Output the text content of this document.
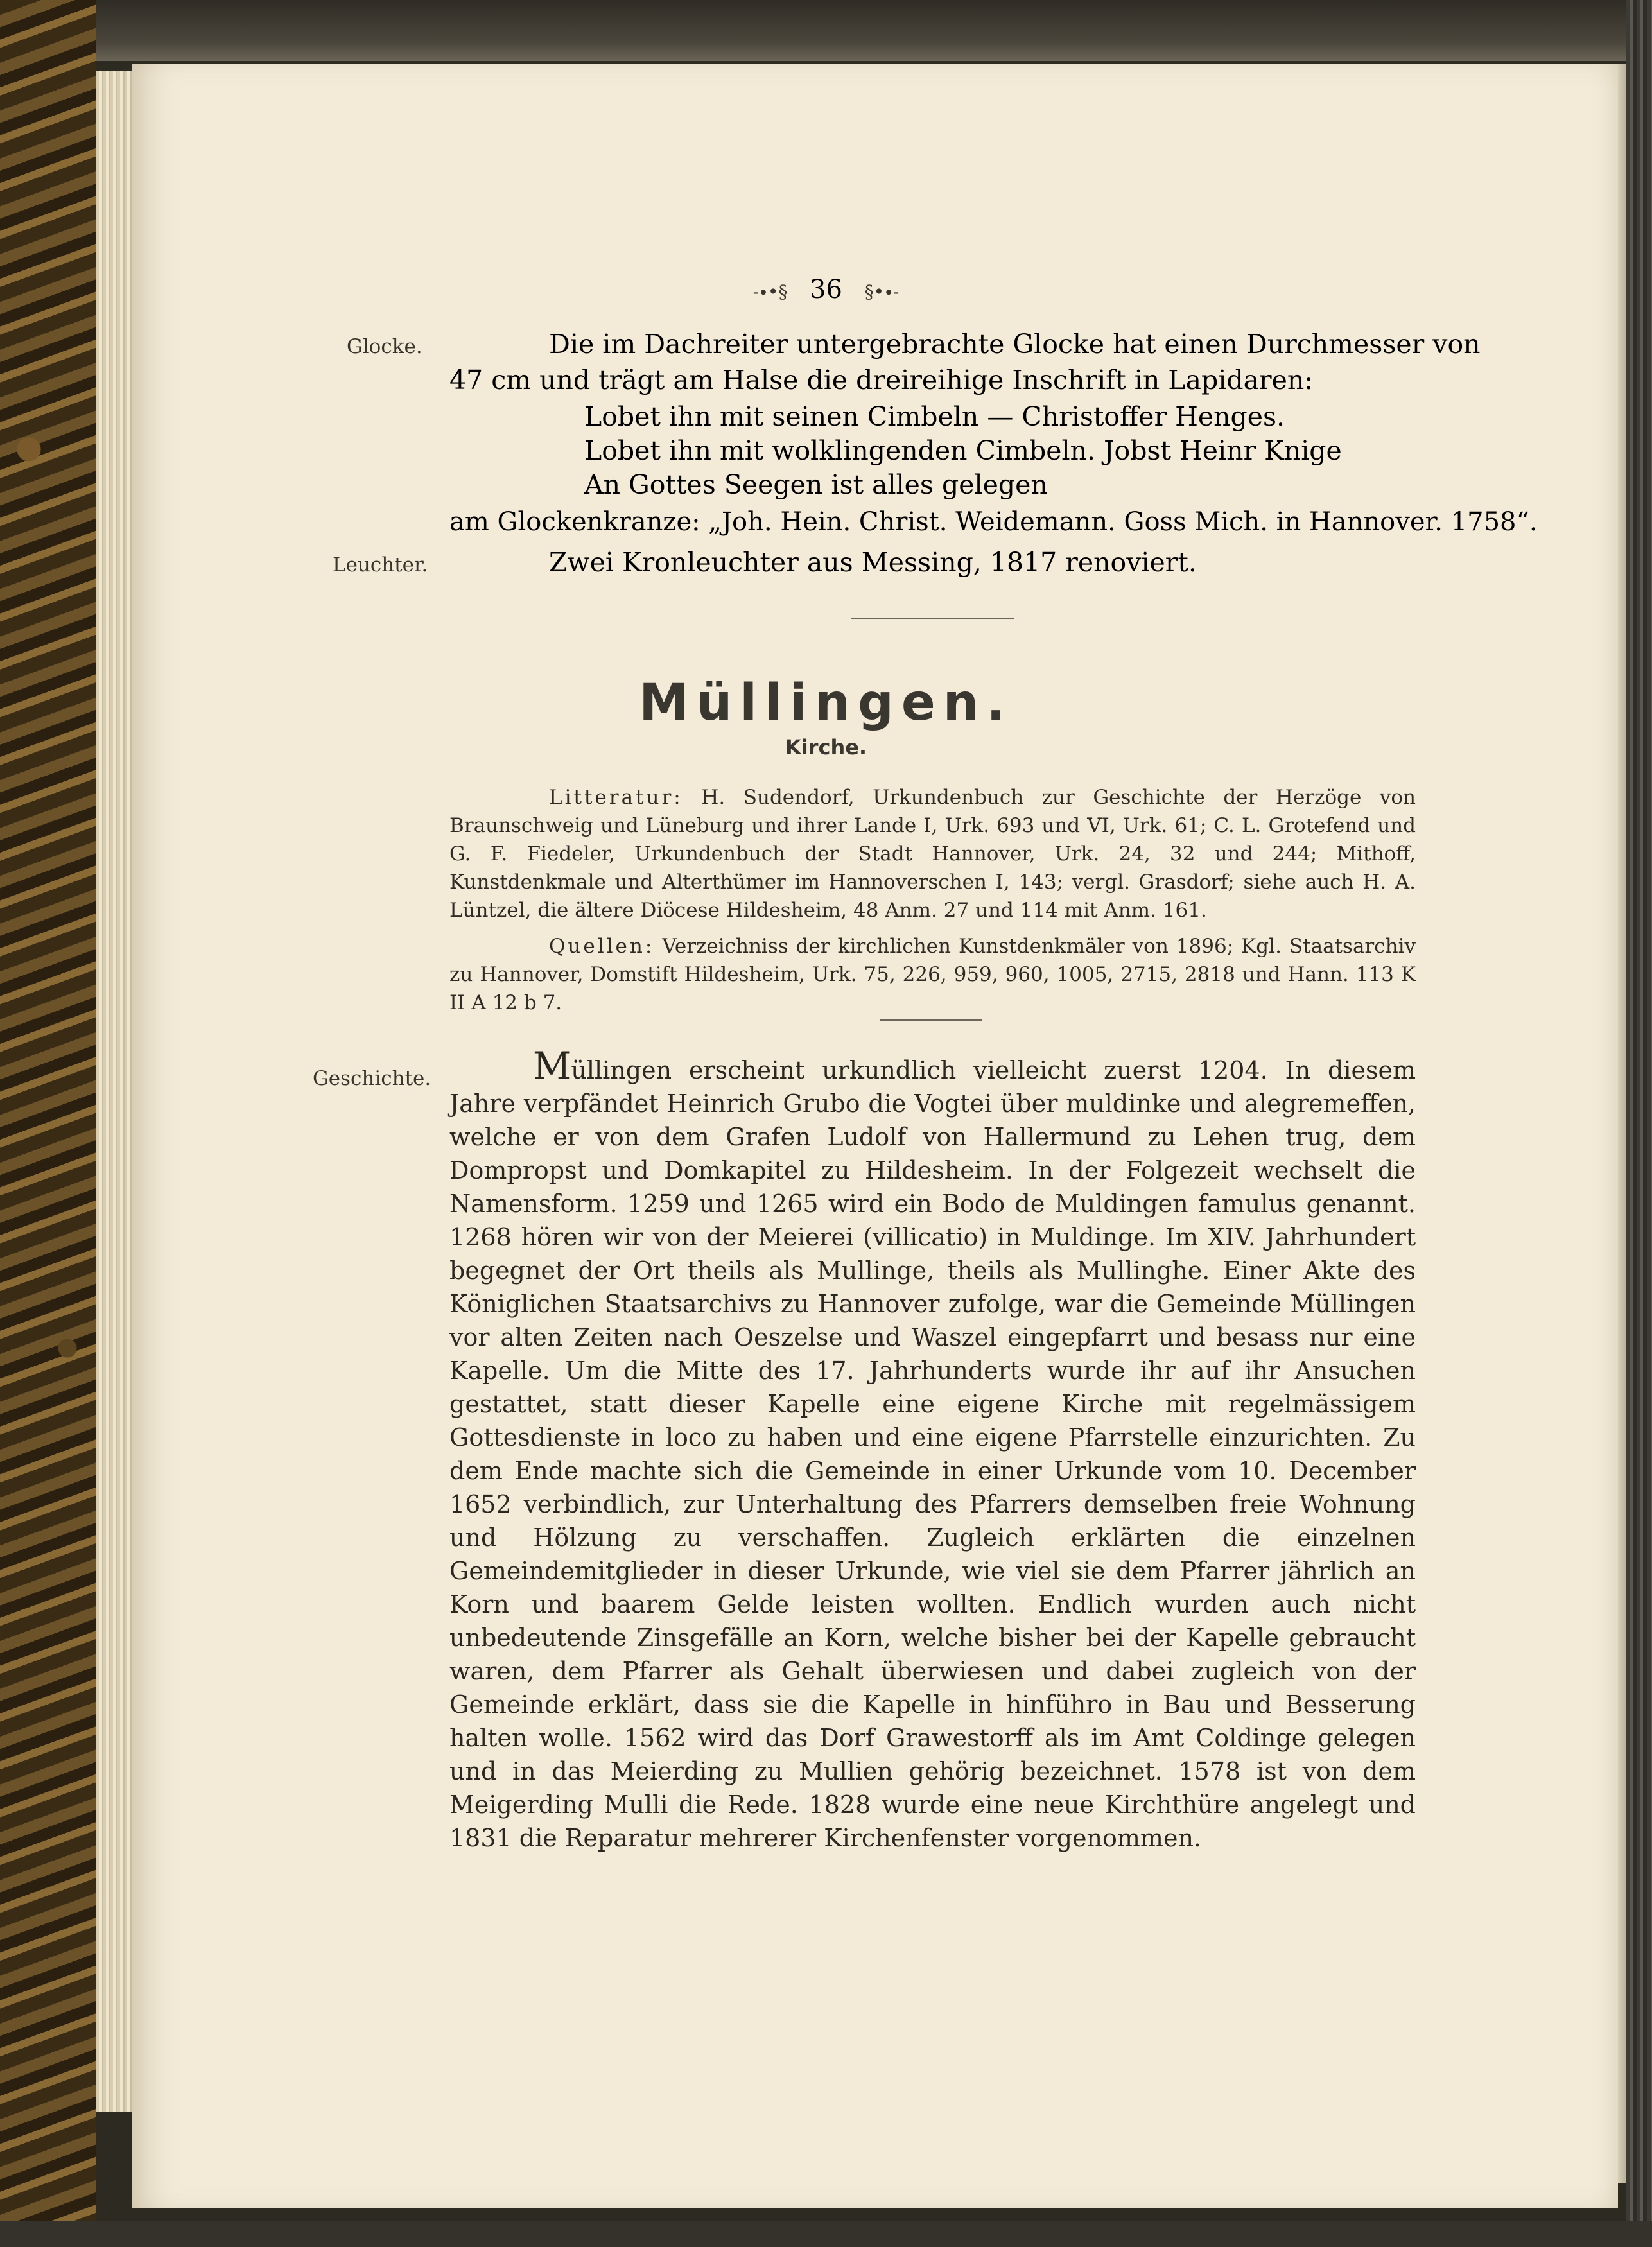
-∙•§ 36 §•∙-
Glocke.	Die im Dachreiter untergebrachte Glocke hat einen Durchmesser von
47 cm und trägt am Halse die dreireihige Inschrift in Lapidaren:
Lobet ihn mit seinen Cimbeln — Christoffer Henges.
Lobet ihn mit wolklingenden Cimbeln. Jobst Heinr Knige
An Gottes Seegen ist alles gelegen
am Glockenkranze: „Joh. Hein. Christ. Weidemann. Goss Mich. in Hannover. 1758“.
Leuchter.	Zwei Kronleuchter aus Messing, 1817 renoviert.
Müllingen.
Kirche.
Litteratur: H. Sudendorf, Urkundenbuch zur Geschichte der Herzöge von Braunschweig und Lüneburg und ihrer Lande I, Urk. 693 und VI, Urk. 61; C. L. Grotefend und G. F. Fiedeler, Urkundenbuch der Stadt Hannover, Urk. 24, 32 und 244; Mithoff, Kunstdenkmale und Alterthümer im Hannoverschen I, 143; vergl. Grasdorf; siehe auch H. A. Lüntzel, die ältere Diöcese Hildesheim, 48 Anm. 27 und 114 mit Anm. 161.
Quellen: Verzeichniss der kirchlichen Kunstdenkmäler von 1896; Kgl. Staatsarchiv zu Hannover, Domstift Hildesheim, Urk. 75, 226, 959, 960, 1005, 2715, 2818 und Hann. 113 K II A 12 b 7.
Geschichte.	Müllingen erscheint urkundlich vielleicht zuerst 1204. In diesem Jahre verpfändet Heinrich Grubo die Vogtei über muldinke und alegremeffen, welche er von dem Grafen Ludolf von Hallermund zu Lehen trug, dem Dompropst und Domkapitel zu Hildesheim. In der Folgezeit wechselt die Namensform. 1259 und 1265 wird ein Bodo de Muldingen famulus genannt. 1268 hören wir von der Meierei (villicatio) in Muldinge. Im XIV. Jahrhundert begegnet der Ort theils als Mullinge, theils als Mullinghe. Einer Akte des Königlichen Staatsarchivs zu Hannover zufolge, war die Gemeinde Müllingen vor alten Zeiten nach Oeszelse und Waszel eingepfarrt und besass nur eine Kapelle. Um die Mitte des 17. Jahrhunderts wurde ihr auf ihr Ansuchen gestattet, statt dieser Kapelle eine eigene Kirche mit regelmässigem Gottesdienste in loco zu haben und eine eigene Pfarrstelle einzurichten. Zu dem Ende machte sich die Gemeinde in einer Urkunde vom 10. December 1652 verbindlich, zur Unterhaltung des Pfarrers demselben freie Wohnung und Hölzung zu verschaffen. Zugleich erklärten die einzelnen Gemeindemitglieder in dieser Urkunde, wie viel sie dem Pfarrer jährlich an Korn und baarem Gelde leisten wollten. Endlich wurden auch nicht unbedeutende Zinsgefälle an Korn, welche bisher bei der Kapelle gebraucht waren, dem Pfarrer als Gehalt überwiesen und dabei zugleich von der Gemeinde erklärt, dass sie die Kapelle in hinführo in Bau und Besserung halten wolle. 1562 wird das Dorf Grawestorff als im Amt Coldinge gelegen und in das Meierding zu Mullien gehörig bezeichnet. 1578 ist von dem Meigerding Mulli die Rede. 1828 wurde eine neue Kirchthüre angelegt und 1831 die Reparatur mehrerer Kirchenfenster vorgenommen.
